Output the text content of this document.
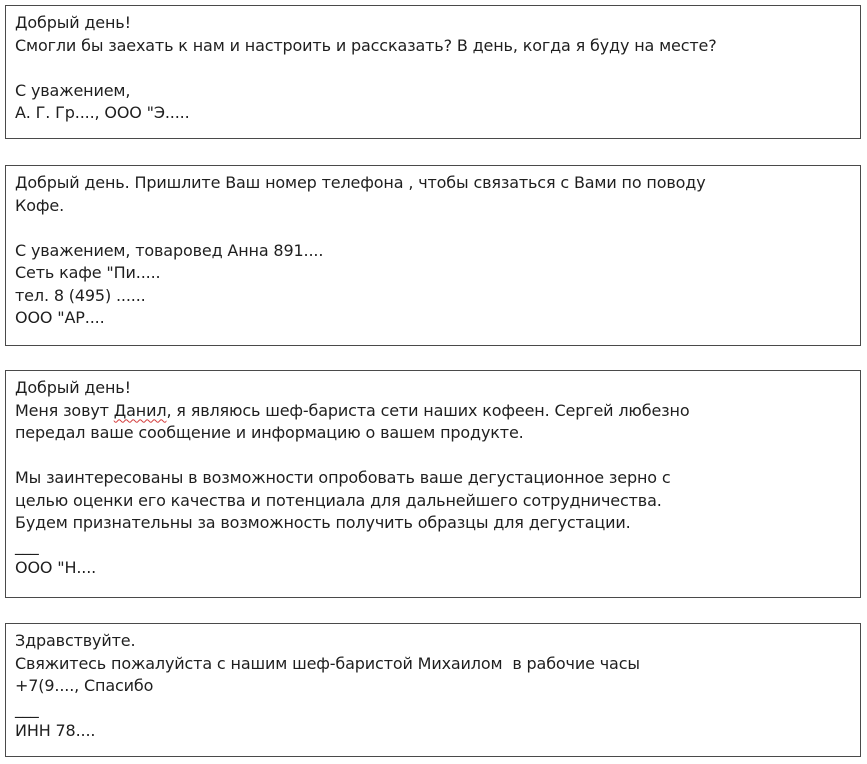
Добрый день!
Смогли бы заехать к нам и настроить и рассказать? В день, когда я буду на месте?
С уважением,
А. Г. Гр...., ООО "Э.....
Добрый день. Пришлите Ваш номер телефона , чтобы связаться с Вами по поводу
Кофе.
С уважением, товаровед Анна 891....
Сеть кафе "Пи.....
тел. 8 (495) ......
ООО "АР....
Добрый день!
Меня зовут Данил, я являюсь шеф-бариста сети наших кофеен. Сергей любезно
передал ваше сообщение и информацию о вашем продукте.
Мы заинтересованы в возможности опробовать ваше дегустационное зерно с
целью оценки его качества и потенциала для дальнейшего сотрудничества.
Будем признательны за возможность получить образцы для дегустации.
___
ООО "Н....
Здравствуйте.
Свяжитесь пожалуйста с нашим шеф-баристой Михаилом  в рабочие часы
+7(9...., Спасибо
___
ИНН 78....
